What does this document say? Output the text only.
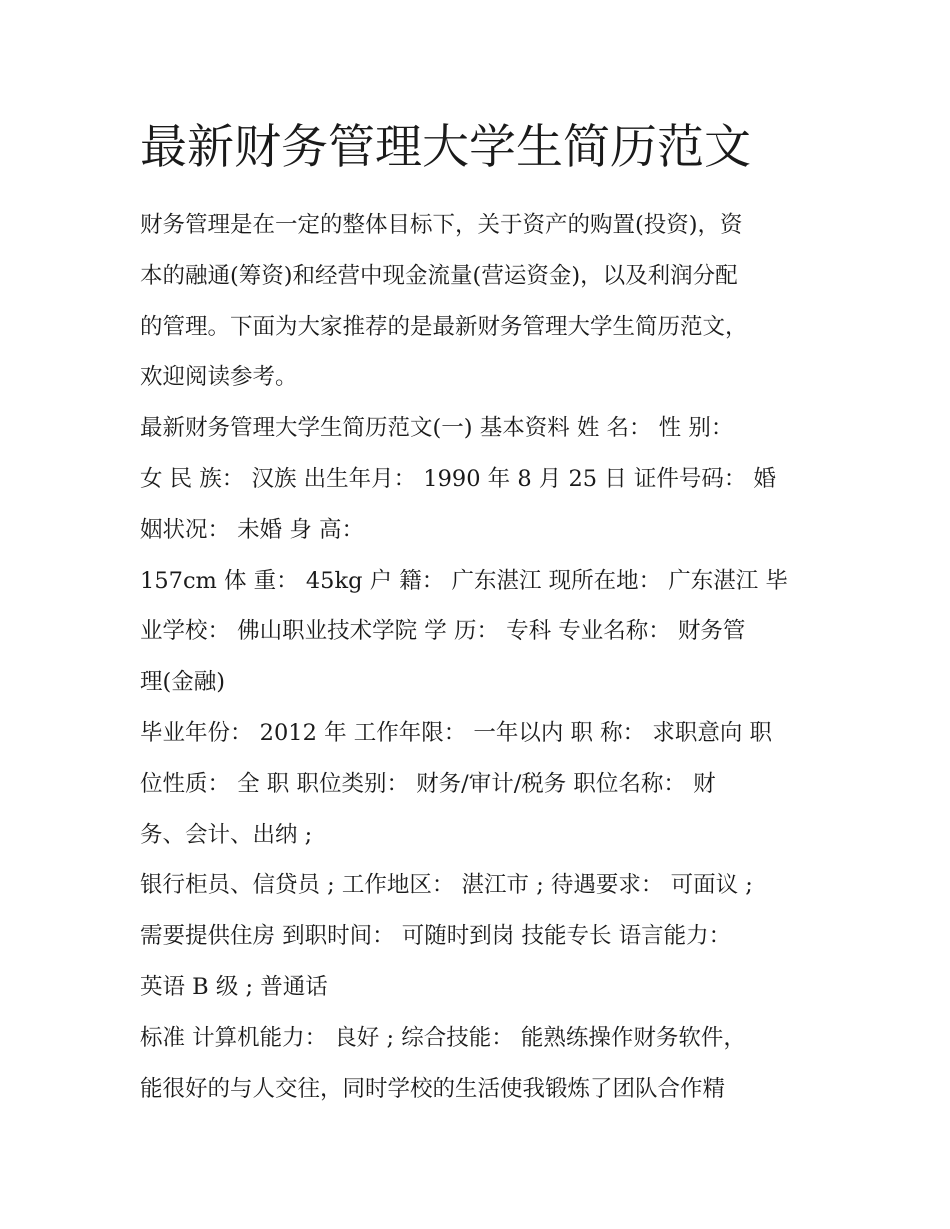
最新财务管理大学生简历范文
财务管理是在一定的整体目标下，关于资产的购置(投资)，资
本的融通(筹资)和经营中现金流量(营运资金)，以及利润分配
的管理。下面为大家推荐的是最新财务管理大学生简历范文，
欢迎阅读参考。
最新财务管理大学生简历范文(一) 基本资料 姓 名： 性 别：
女 民 族： 汉族 出生年月： 1990 年 8 月 25 日 证件号码： 婚
姻状况： 未婚 身 高：
157cm 体 重： 45kg 户 籍： 广东湛江 现所在地： 广东湛江 毕
业学校： 佛山职业技术学院 学 历： 专科 专业名称： 财务管
理(金融)
毕业年份： 2012 年 工作年限： 一年以内 职 称： 求职意向 职
位性质： 全 职 职位类别： 财务/审计/税务 职位名称： 财
务、会计、出纳 ;
银行柜员、信贷员 ; 工作地区： 湛江市 ; 待遇要求： 可面议 ;
需要提供住房 到职时间： 可随时到岗 技能专长 语言能力：
英语 B 级 ; 普通话
标准 计算机能力： 良好 ; 综合技能： 能熟练操作财务软件，
能很好的与人交往，同时学校的生活使我锻炼了团队合作精
